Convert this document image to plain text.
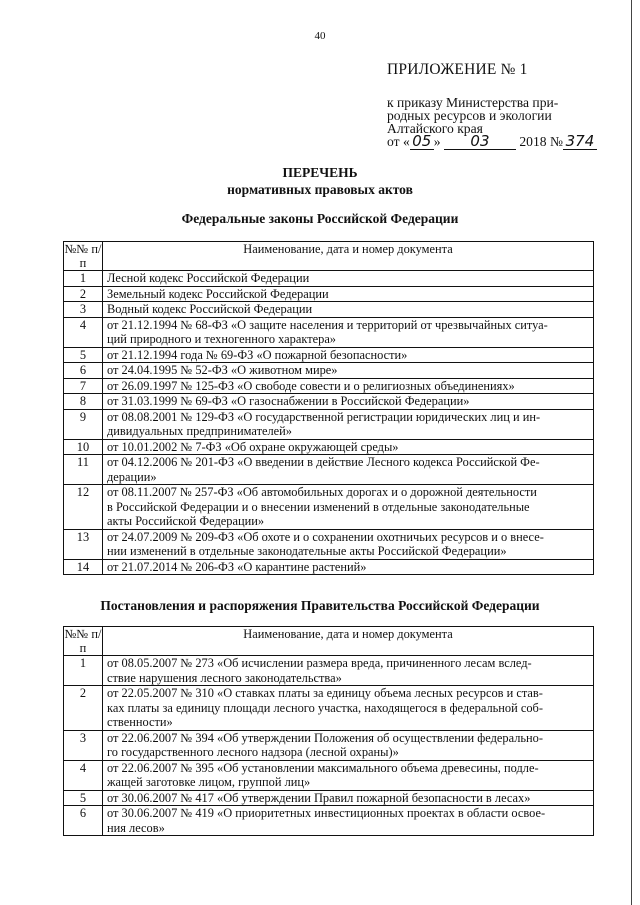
40
ПРИЛОЖЕНИЕ № 1
к приказу Министерства при-
родных ресурсов и экологии
Алтайского края
от « 05 » 03 2018 № 374
ПЕРЕЧЕНЬ
нормативных правовых актов
Федеральные законы Российской Федерации
№№ п/п	Наименование, дата и номер документа
1	Лесной кодекс Российской Федерации

2	Земельный кодекс Российской Федерации

3	Водный кодекс Российской Федерации

4	от 21.12.1994 № 68-ФЗ «О защите населения и территорий от чрезвычайных ситуа-
ций природного и техногенного характера»

5	от 21.12.1994 года № 69-ФЗ «О пожарной безопасности»

6	от 24.04.1995 № 52-ФЗ «О животном мире»

7	от 26.09.1997 № 125-ФЗ «О свободе совести и о религиозных объединениях»

8	от 31.03.1999 № 69-ФЗ «О газоснабжении в Российской Федерации»

9	от 08.08.2001 № 129-ФЗ «О государственной регистрации юридических лиц и ин-
дивидуальных предпринимателей»

10	от 10.01.2002 № 7-ФЗ «Об охране окружающей среды»

11	от 04.12.2006 № 201-ФЗ «О введении в действие Лесного кодекса Российской Фе-
дерации»

12	от 08.11.2007 № 257-ФЗ «Об автомобильных дорогах и о дорожной деятельности
в Российской Федерации и о внесении изменений в отдельные законодательные
акты Российской Федерации»

13	от 24.07.2009 № 209-ФЗ «Об охоте и о сохранении охотничьих ресурсов и о внесе-
нии изменений в отдельные законодательные акты Российской Федерации»

14	от 21.07.2014 № 206-ФЗ «О карантине растений»
Постановления и распоряжения Правительства Российской Федерации
№№ п/п	Наименование, дата и номер документа
1	от 08.05.2007 № 273 «Об исчислении размера вреда, причиненного лесам вслед-
ствие нарушения лесного законодательства»

2	от 22.05.2007 № 310 «О ставках платы за единицу объема лесных ресурсов и став-
ках платы за единицу площади лесного участка, находящегося в федеральной соб-
ственности»

3	от 22.06.2007 № 394 «Об утверждении Положения об осуществлении федерально-
го государственного лесного надзора (лесной охраны)»

4	от 22.06.2007 № 395 «Об установлении максимального объема древесины, подле-
жащей заготовке лицом, группой лиц»

5	от 30.06.2007 № 417 «Об утверждении Правил пожарной безопасности в лесах»

6	от 30.06.2007 № 419 «О приоритетных инвестиционных проектах в области освое-
ния лесов»
